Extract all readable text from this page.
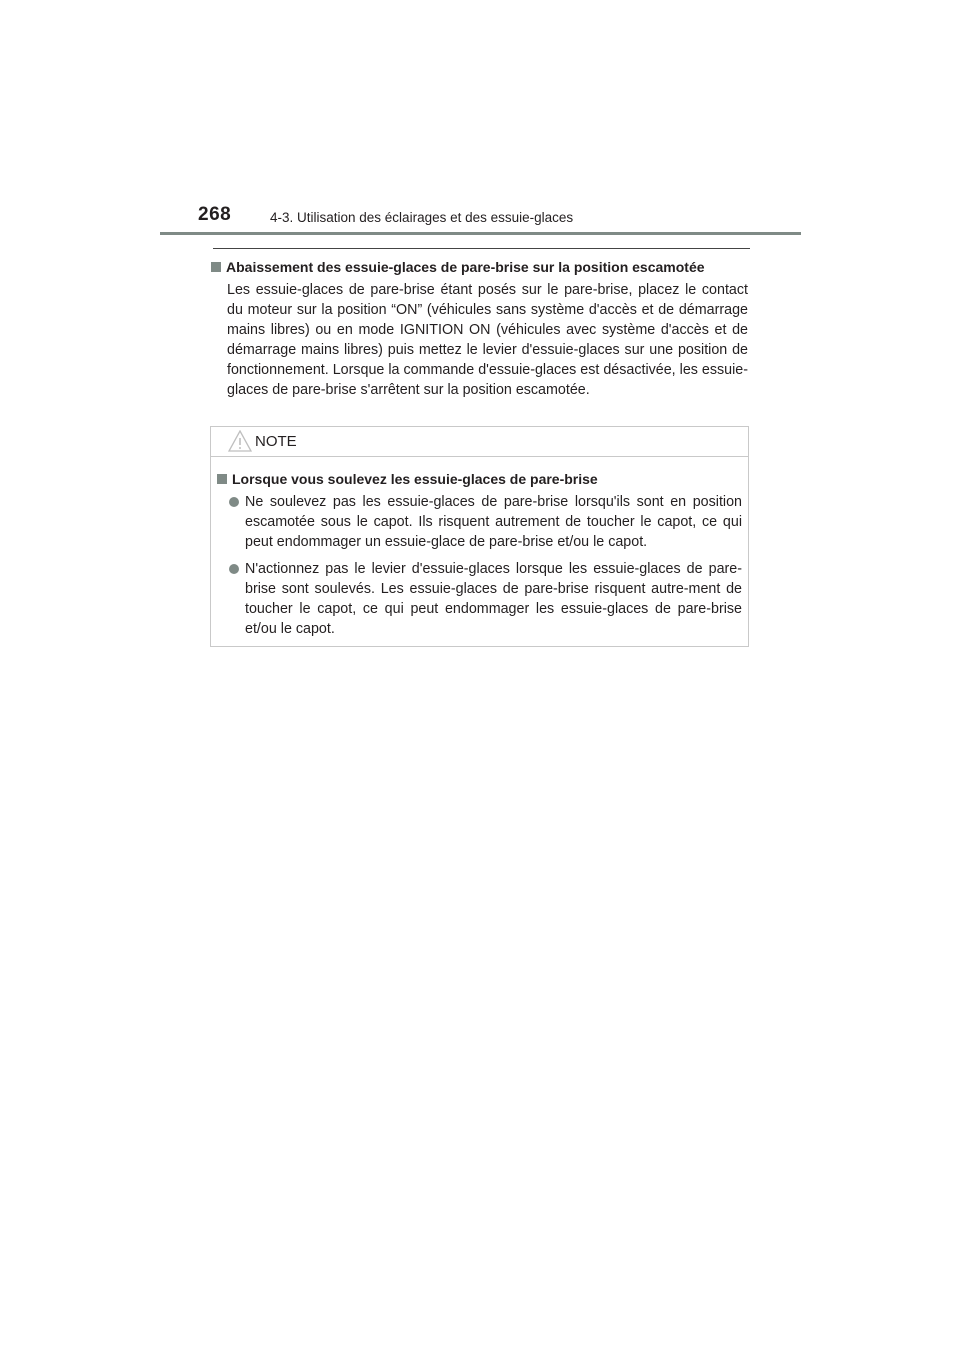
268	4-3. Utilisation des éclairages et des essuie-glaces

Abaissement des essuie-glaces de pare-brise sur la position escamotée

Les essuie-glaces de pare-brise étant posés sur le pare-brise, placez le contact du moteur sur la position “ON” (véhicules sans système d'accès et de démarrage mains libres) ou en mode IGNITION ON (véhicules avec système d'accès et de démarrage mains libres) puis mettez le levier d'essuie-glaces sur une position de fonctionnement. Lorsque la commande d'essuie-glaces est désactivée, les essuie-glaces de pare-brise s'arrêtent sur la position escamotée.

NOTE

Lorsque vous soulevez les essuie-glaces de pare-brise

Ne soulevez pas les essuie-glaces de pare-brise lorsqu'ils sont en position escamotée sous le capot. Ils risquent autrement de toucher le capot, ce qui peut endommager un essuie-glace de pare-brise et/ou le capot.
N'actionnez pas le levier d'essuie-glaces lorsque les essuie-glaces de pare-brise sont soulevés. Les essuie-glaces de pare-brise risquent autre-ment de toucher le capot, ce qui peut endommager les essuie-glaces de pare-brise et/ou le capot.
